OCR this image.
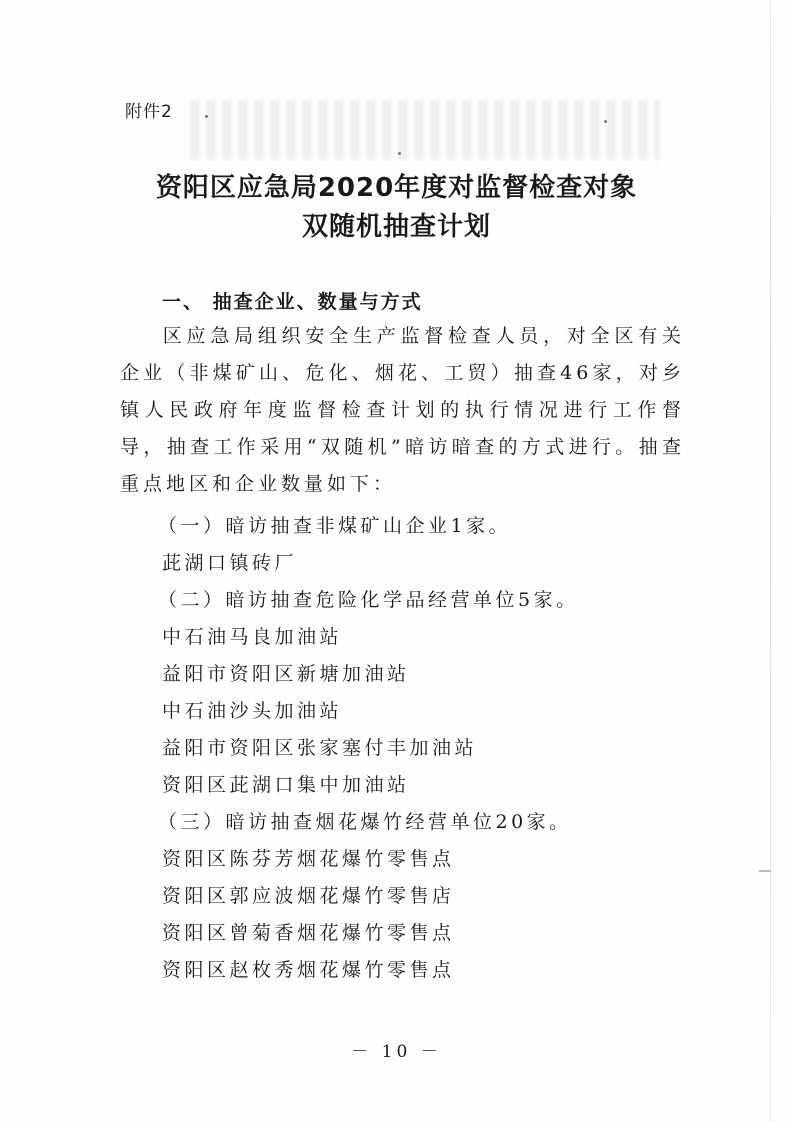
附件2
资阳区应急局2020年度对监督检查对象
双随机抽查计划
一、 抽查企业、数量与方式
区应急局组织安全生产监督检查人员，对全区有关企业（非煤矿山、危化、烟花、工贸）抽查46家，对乡镇人民政府年度监督检查计划的执行情况进行工作督导，抽查工作采用“双随机”暗访暗查的方式进行。抽查重点地区和企业数量如下：
（一）暗访抽查非煤矿山企业1家。
茈湖口镇砖厂
（二）暗访抽查危险化学品经营单位5家。
中石油马良加油站
益阳市资阳区新塘加油站
中石油沙头加油站
益阳市资阳区张家塞付丰加油站
资阳区茈湖口集中加油站
（三）暗访抽查烟花爆竹经营单位20家。
资阳区陈芬芳烟花爆竹零售点
资阳区郭应波烟花爆竹零售店
资阳区曾菊香烟花爆竹零售点
资阳区赵枚秀烟花爆竹零售点
－ 10 －
